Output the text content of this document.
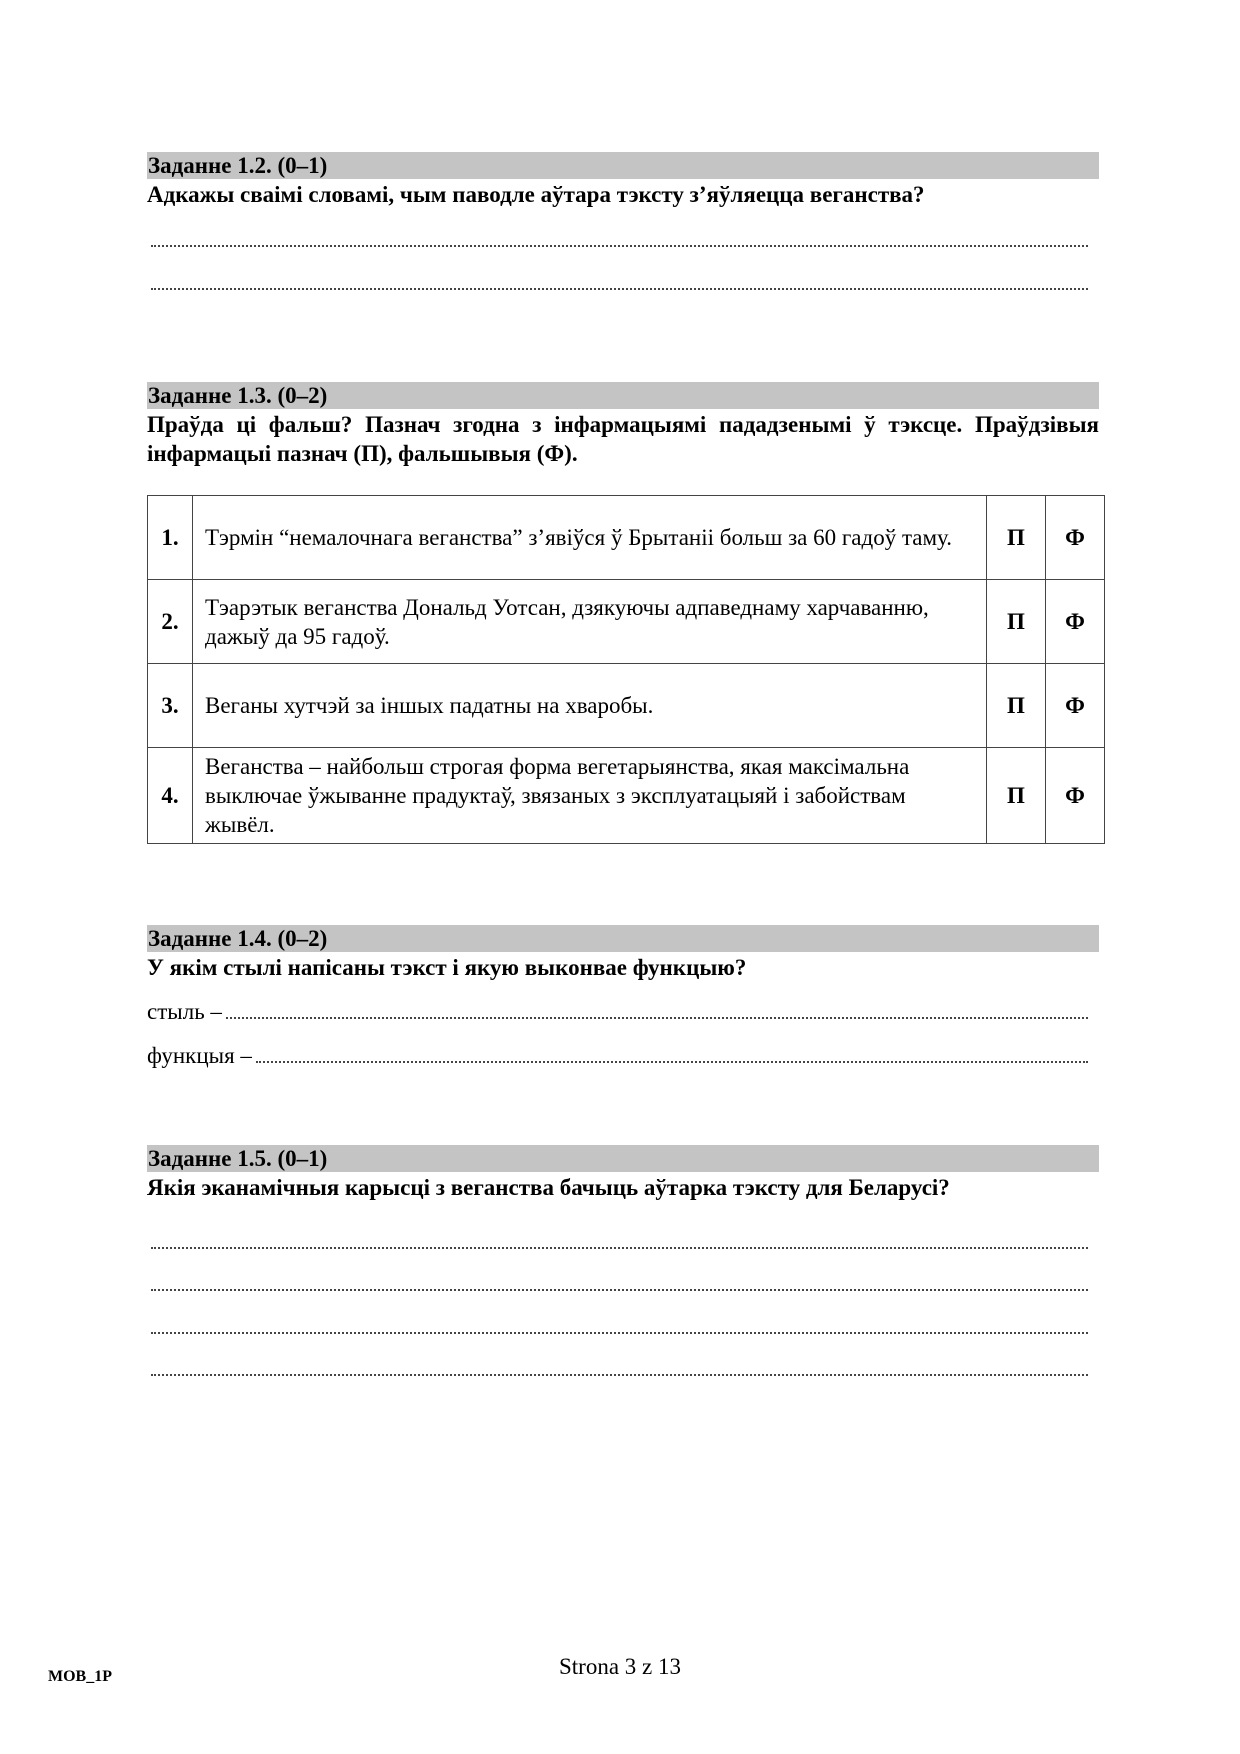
Заданне 1.2. (0–1)
Адкажы сваімі словамі, чым паводле аўтара тэксту з’яўляецца веганства?
Заданне 1.3. (0–2)
Праўда ці фальш? Пазнач згодна з інфармацыямі пададзенымі ў тэксце. Праўдзівыя інфармацыі пазнач (П), фальшывыя (Ф).
1.	Тэрмін “немалочнага веганства” з’явіўся ў Брытаніі больш за 60 гадоў таму.	П	Ф
2.	Тэарэтык веганства Дональд Уотсан, дзякуючы адпаведнаму харчаванню, дажыў да 95 гадоў.	П	Ф
3.	Веганы хутчэй за іншых падатны на хваробы.	П	Ф
4.	Веганства – найбольш строгая форма вегетарыянства, якая максімальна выключае ўжыванне прадуктаў, звязаных з эксплуатацыяй і забойствам жывёл.	П	Ф
Заданне 1.4. (0–2)
У якім стылі напісаны тэкст і якую выконвае функцыю?
стыль –
функцыя –
Заданне 1.5. (0–1)
Якія эканамічныя карысці з веганства бачыць аўтарка тэксту для Беларусі?
MOB_1P	Strona 3 z 13
